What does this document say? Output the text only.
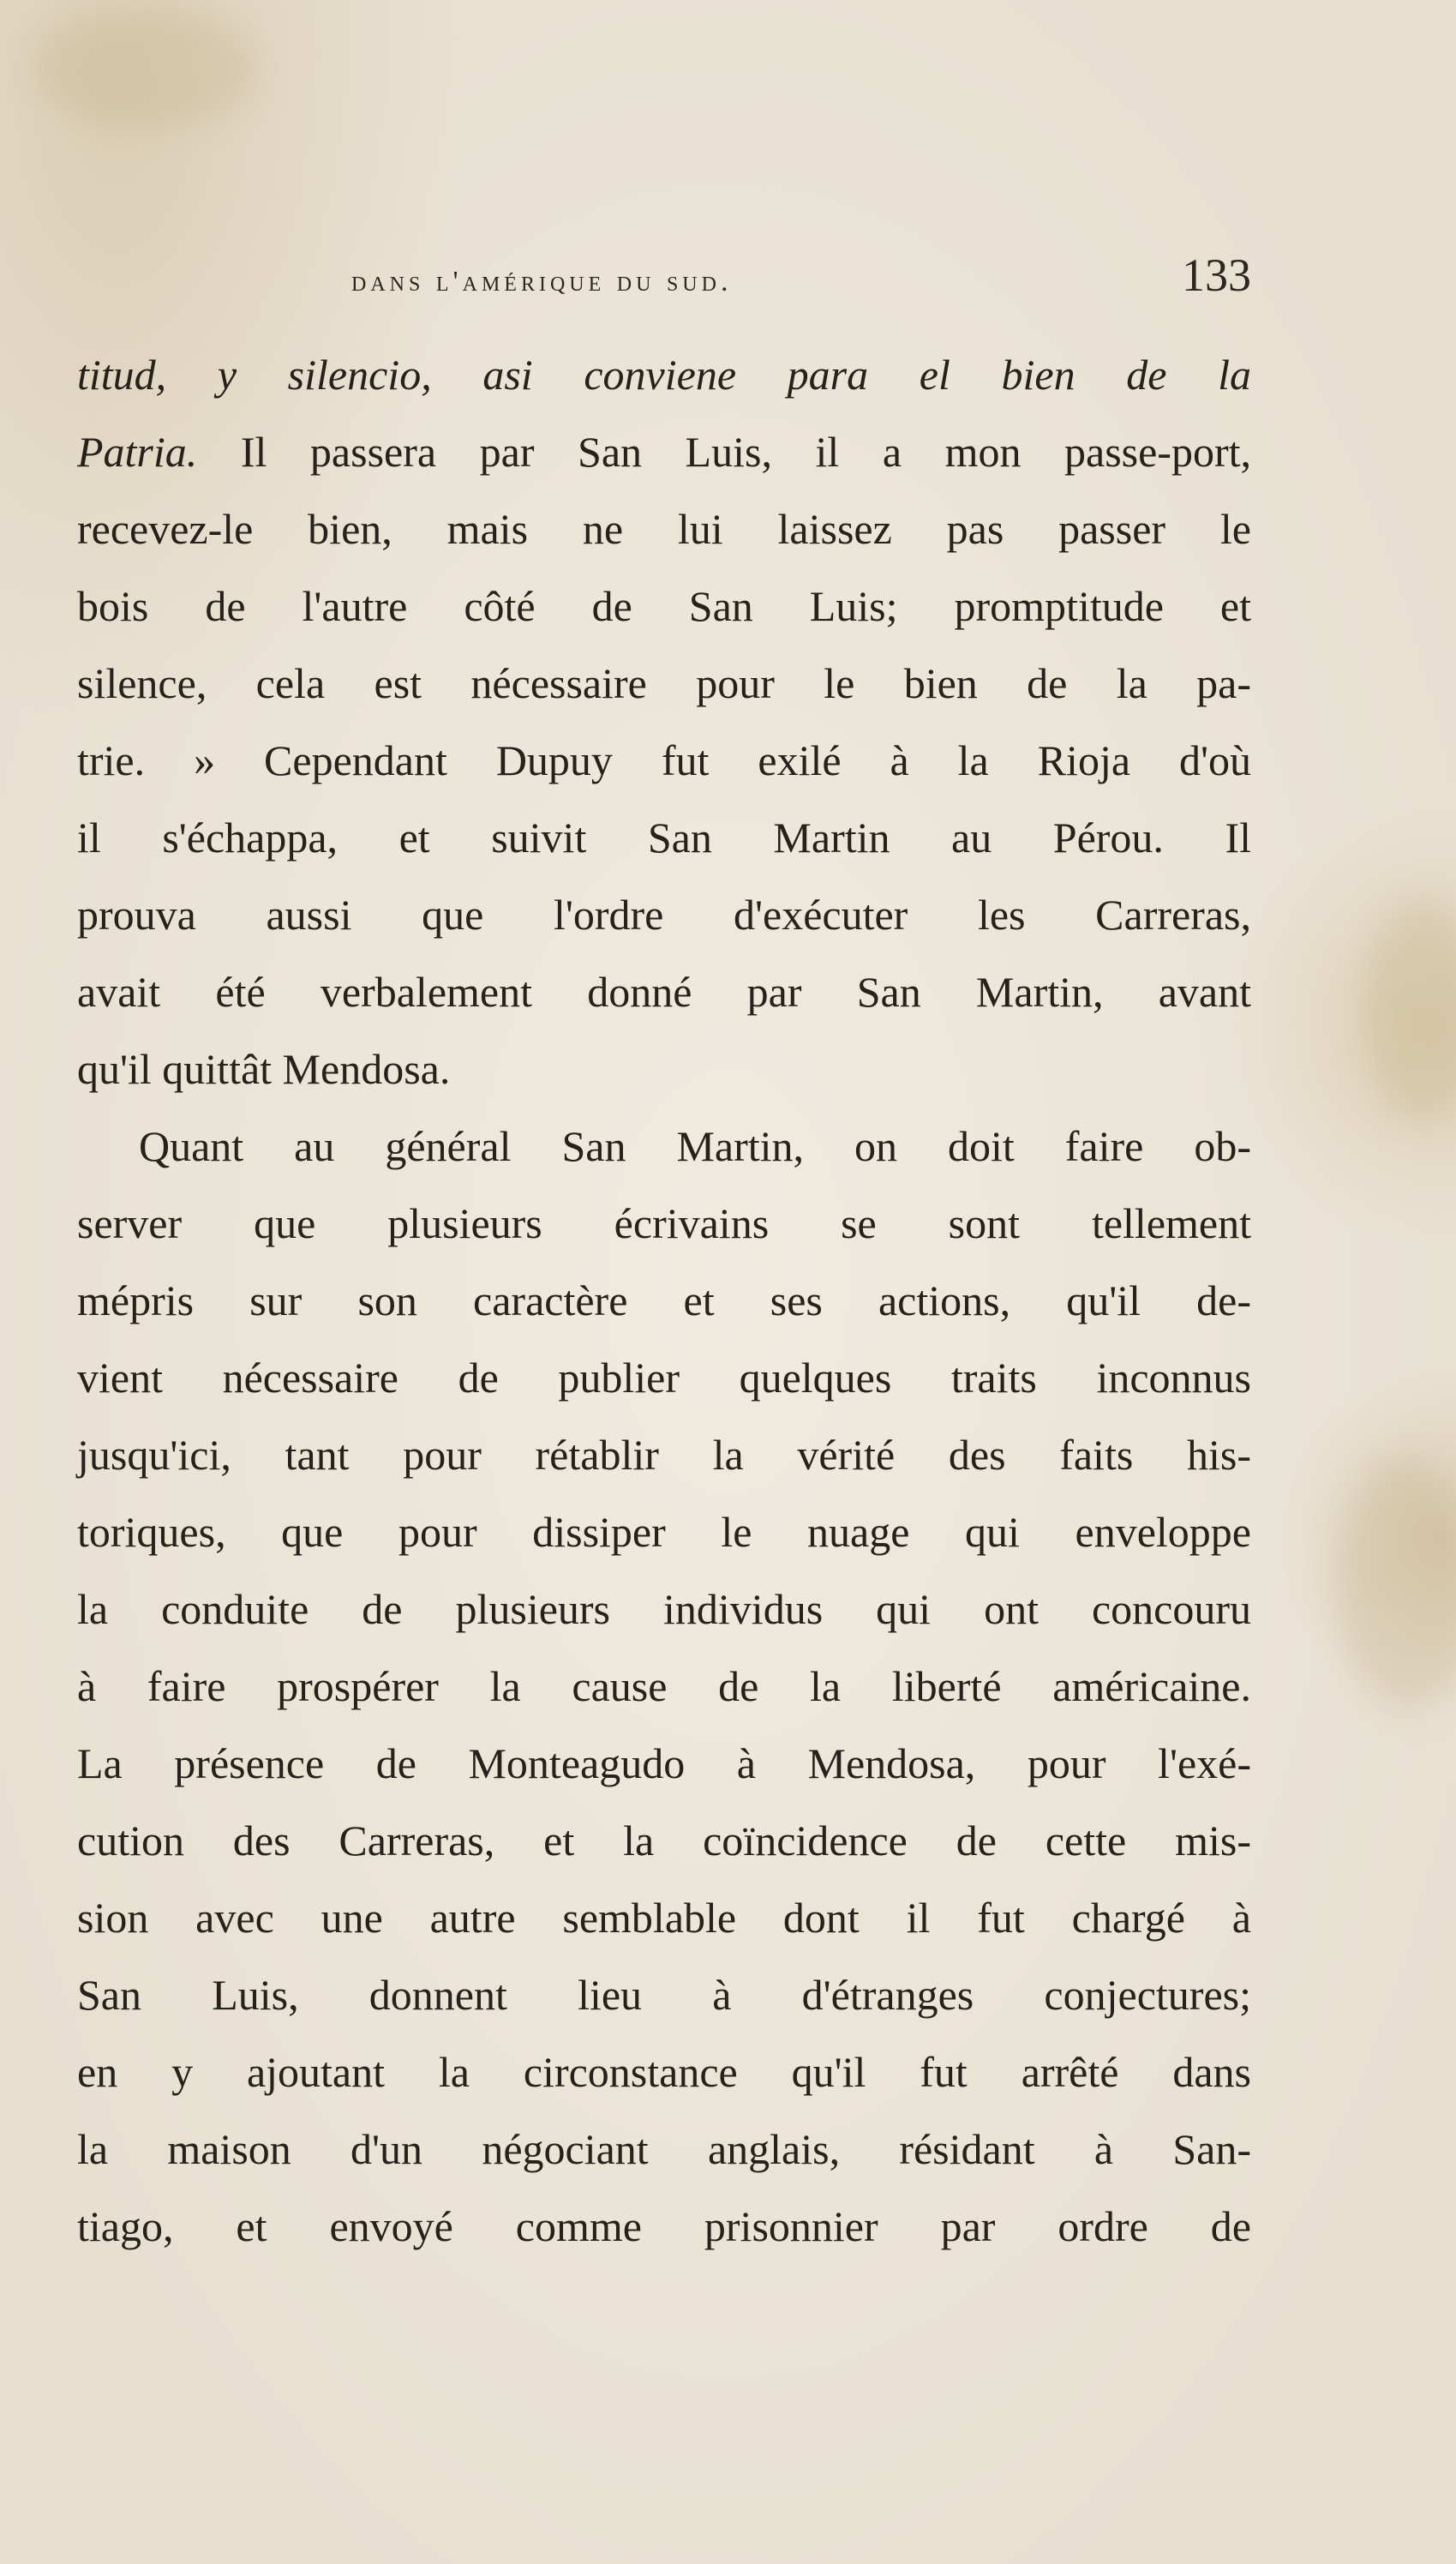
dans l'amérique du sud.	133
titud, y silencio, asi conviene para el bien de la
Patria. Il passera par San Luis, il a mon passe-port,
recevez-le bien, mais ne lui laissez pas passer le
bois de l'autre côté de San Luis; promptitude et
silence, cela est nécessaire pour le bien de la pa-
trie. » Cependant Dupuy fut exilé à la Rioja d'où
il s'échappa, et suivit San Martin au Pérou. Il
prouva aussi que l'ordre d'exécuter les Carreras,
avait été verbalement donné par San Martin, avant
qu'il quittât Mendosa.
Quant au général San Martin, on doit faire ob-
server que plusieurs écrivains se sont tellement
mépris sur son caractère et ses actions, qu'il de-
vient nécessaire de publier quelques traits inconnus
jusqu'ici, tant pour rétablir la vérité des faits his-
toriques, que pour dissiper le nuage qui enveloppe
la conduite de plusieurs individus qui ont concouru
à faire prospérer la cause de la liberté américaine.
La présence de Monteagudo à Mendosa, pour l'exé-
cution des Carreras, et la coïncidence de cette mis-
sion avec une autre semblable dont il fut chargé à
San Luis, donnent lieu à d'étranges conjectures;
en y ajoutant la circonstance qu'il fut arrêté dans
la maison d'un négociant anglais, résidant à San-
tiago, et envoyé comme prisonnier par ordre de
